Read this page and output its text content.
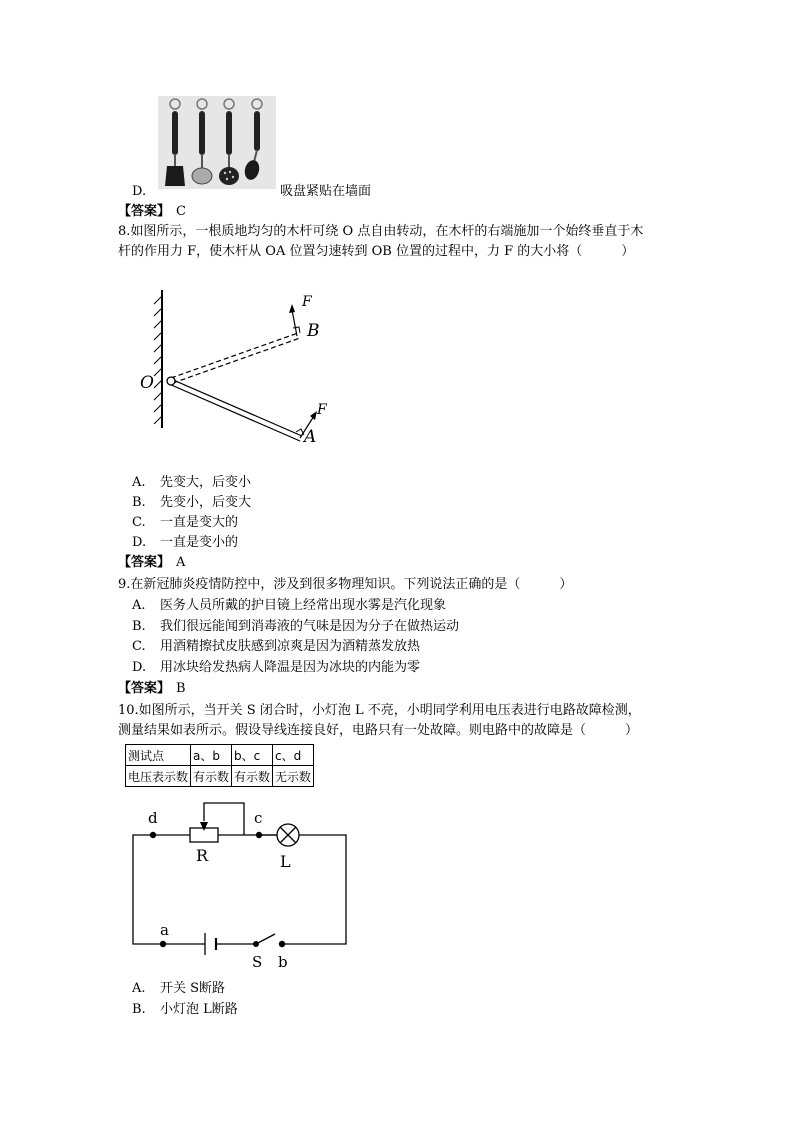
D.	吸盘紧贴在墙面
【答案】 C
8.如图所示，一根质地均匀的木杆可绕 O 点自由转动，在木杆的右端施加一个始终垂直于木
杆的作用力 F，使木杆从 OA 位置匀速转到 OB 位置的过程中，力 F 的大小将（　　　）
O
B
A
F
F
A. 先变大，后变小
B. 先变小，后变大
C. 一直是变大的
D. 一直是变小的
【答案】 A
9.在新冠肺炎疫情防控中，涉及到很多物理知识。下列说法正确的是（　　　）
A. 医务人员所戴的护目镜上经常出现水雾是汽化现象
B. 我们很远能闻到消毒液的气味是因为分子在做热运动
C. 用酒精擦拭皮肤感到凉爽是因为酒精蒸发放热
D. 用冰块给发热病人降温是因为冰块的内能为零
【答案】 B
10.如图所示，当开关 S 闭合时，小灯泡 L 不亮，小明同学利用电压表进行电路故障检测，
测量结果如表所示。假设导线连接良好，电路只有一处故障。则电路中的故障是（　　　）
测试点	a、b	b、c	c、d
电压表示数	有示数	有示数	无示数
d	c
R	L
a
S b
A. 开关 S断路
B. 小灯泡 L断路
